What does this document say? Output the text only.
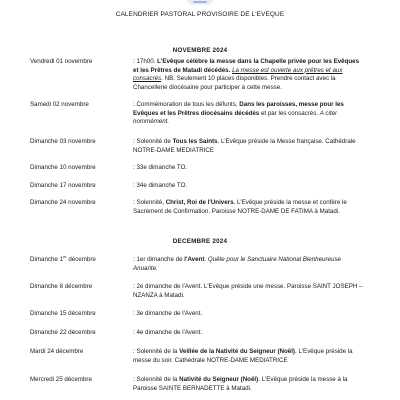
CALENDRIER PASTORAL PROVISOIRE DE L'EVEQUE
NOVEMBRE 2024
Vendredi 01 novembre	: 17h00. L'Evêque célèbre la messe dans la Chapelle privée pour les Evêques et les Prêtres de Matadi décédés. La messe est ouverte aux prêtres et aux consacrés. NB. Seulement 10 places disponibles. Prendre contact avec la Chancellerie diocésaine pour participer à cette messe.
Samedi 02 novembre	: Commémoration de tous les défunts, Dans les paroisses, messe pour les Evêques et les Prêtres diocésains décédés et par les consacrés. A citer nommément.
Dimanche 03 novembre	: Solennité de Tous les Saints. L'Evêque préside la Messe française. Cathédrale NOTRE-DAME MEDIATRICE
Dimanche 10 novembre	: 33e dimanche TO.
Dimanche 17 novembre	: 34e dimanche TO.
Dimanche 24 novembre	: Solennité, Christ, Roi de l'Univers. L'Evêque préside la messe et confère le Sacrement de Confirmation. Paroisse NOTRE-DAME DE FATIMA à Matadi.
DECEMBRE 2024
Dimanche 1er décembre	: 1er dimanche de l'Avent. Quête pour le Sanctuaire National Bienheureuse Anuarite.
Dimanche 8 décembre	: 2e dimanche de l'Avent. L'Evêque préside une messe. Paroisse SAINT JOSEPH – NZANZA à Matadi.
Dimanche 15 décembre	: 3e dimanche de l'Avent.
Dimanche 22 décembre	: 4e dimanche de l'Avent.
Mardi 24 décembre	: Solennité de la Veillée de la Nativité du Seigneur (Noël). L'Evêque préside la messe du soir. Cathédrale NOTRE-DAME MEDIATRICE
Mercredi 25 décembre	: Solennité de la Nativité du Seigneur (Noël). L'Evêque préside la messe à la Paroisse SAINTE BERNADETTE à Matadi.
